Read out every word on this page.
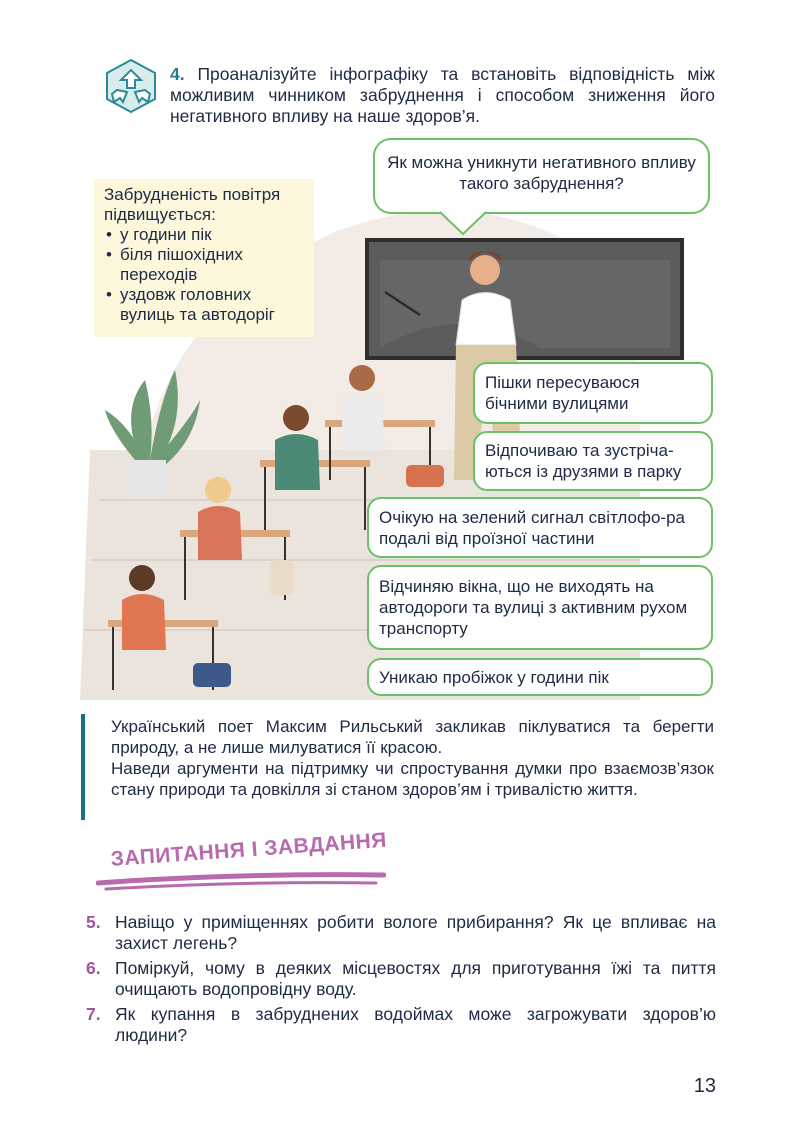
4. Проаналізуйте інфографіку та встановіть відповідність між можливим чинником забруднення і способом зниження його негативного впливу на наше здоров’я.
Забрудненість повітря підвищується:
• у години пік
• біля пішохідних переходів
• уздовж головних вулиць та автодоріг
Як можна уникнути негативного впливу такого забруднення?
Пішки пересуваюся бічними вулицями
Відпочиваю та зустріча-ються із друзями в парку
Очікую на зелений сигнал світлофо-ра подалі від проїзної частини
Відчиняю вікна, що не виходять на автодороги та вулиці з активним рухом транспорту
Уникаю пробіжок у години пік
Український поет Максим Рильський закликав піклуватися та берегти природу, а не лише милуватися її красою.
Наведи аргументи на підтримку чи спростування думки про взаємозв’язок стану природи та довкілля зі станом здоров’ям і тривалістю життя.
ЗАПИТАННЯ І ЗАВДАННЯ
5. Навіщо у приміщеннях робити вологе прибирання? Як це впливає на захист легень?
6. Поміркуй, чому в деяких місцевостях для приготування їжі та пиття очищають водопровідну воду.
7. Як купання в забруднених водоймах може загрожувати здоров’ю людини?
13
